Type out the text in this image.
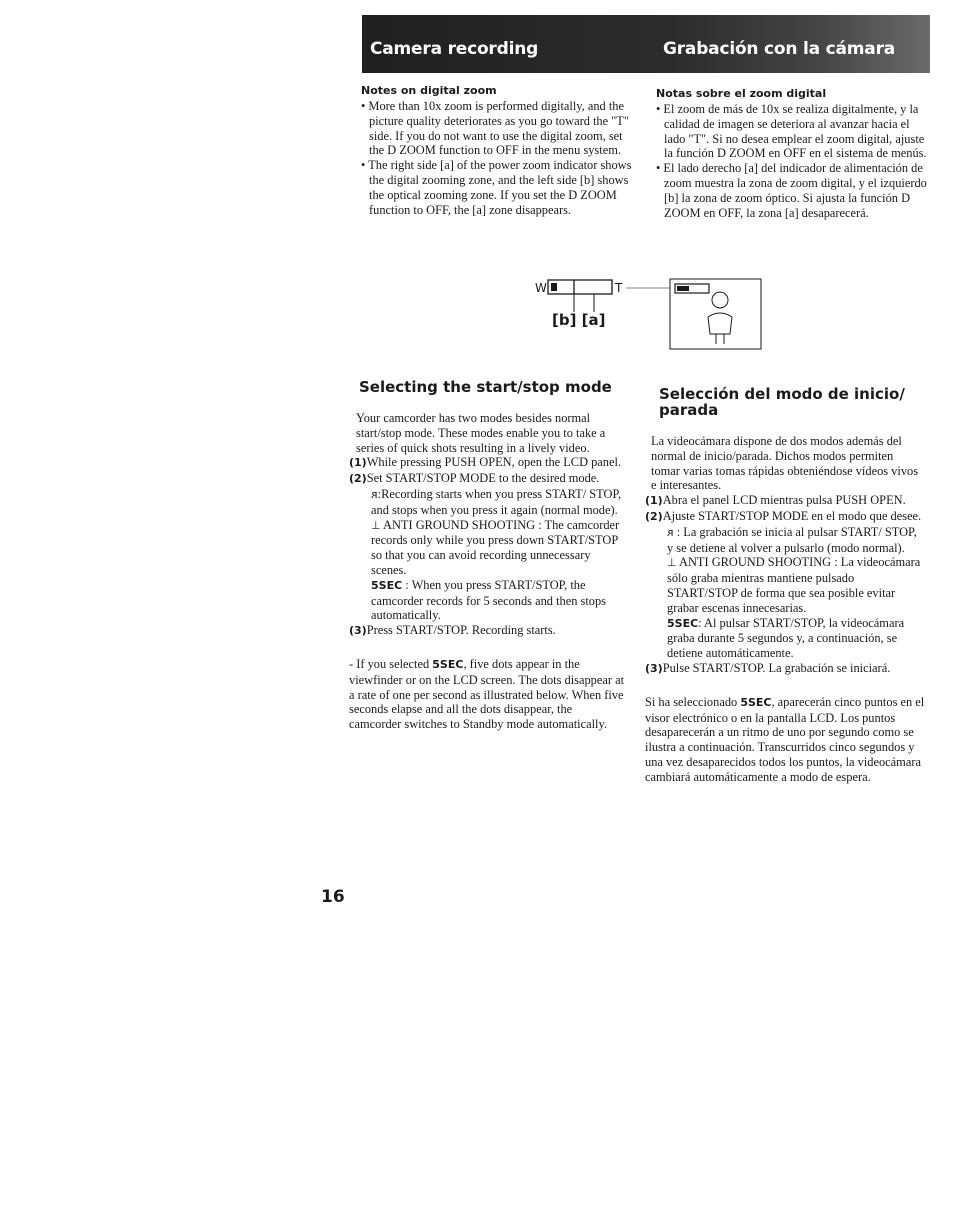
Camera recording	Grabación con la cámara
Notes on digital zoom

• More than 10x zoom is performed digitally, and the picture quality deteriorates as you go toward the "T" side. If you do not want to use the digital zoom, set the D ZOOM function to OFF in the menu system.

• The right side [a] of the power zoom indicator shows the digital zooming zone, and the left side [b] shows the optical zooming zone. If you set the D ZOOM function to OFF, the [a] zone disappears.

Notas sobre el zoom digital

• El zoom de más de 10x se realiza digitalmente, y la calidad de imagen se deteriora al avanzar hacia el lado "T". Si no desea emplear el zoom digital, ajuste la función D ZOOM en OFF en el sistema de menús.

• El lado derecho [a] del indicador de alimentación de zoom muestra la zona de zoom digital, y el izquierdo [b] la zona de zoom óptico. Si ajusta la función D ZOOM en OFF, la zona [a] desaparecerá.

W	T
[b] [a]
Selecting the start/stop mode

Your camcorder has two modes besides normal start/stop mode. These modes enable you to take a series of quick shots resulting in a lively video.

(1)While pressing PUSH OPEN, open the LCD panel.

(2)Set START/STOP MODE to the desired mode.

ᴙ:Recording starts when you press START/ STOP, and stops when you press it again (normal mode).

⊥ ANTI GROUND SHOOTING : The camcorder records only while you press down START/STOP so that you can avoid recording unnecessary scenes.

5SEC : When you press START/STOP, the camcorder records for 5 seconds and then stops automatically.

(3)Press START/STOP. Recording starts.

- If you selected 5SEC, five dots appear in the viewfinder or on the LCD screen. The dots disappear at a rate of one per second as illustrated below. When five seconds elapse and all the dots disappear, the camcorder switches to Standby mode automatically.

Selección del modo de inicio/ parada

La videocámara dispone de dos modos además del normal de inicio/parada. Dichos modos permiten tomar varias tomas rápidas obteniéndose vídeos vivos e interesantes.

(1)Abra el panel LCD mientras pulsa PUSH OPEN.

(2)Ajuste START/STOP MODE en el modo que desee.

ᴙ : La grabación se inicia al pulsar START/ STOP, y se detiene al volver a pulsarlo (modo normal).

⊥ ANTI GROUND SHOOTING : La videocámara sólo graba mientras mantiene pulsado START/STOP de forma que sea posible evitar grabar escenas innecesarias.

5SEC: Al pulsar START/STOP, la videocámara graba durante 5 segundos y, a continuación, se detiene automáticamente.

(3)Pulse START/STOP. La grabación se iniciará.

Si ha seleccionado 5SEC, aparecerán cinco puntos en el visor electrónico o en la pantalla LCD. Los puntos desaparecerán a un ritmo de uno por segundo como se ilustra a continuación. Transcurridos cinco segundos y una vez desaparecidos todos los puntos, la videocámara cambiará automáticamente a modo de espera.

16
